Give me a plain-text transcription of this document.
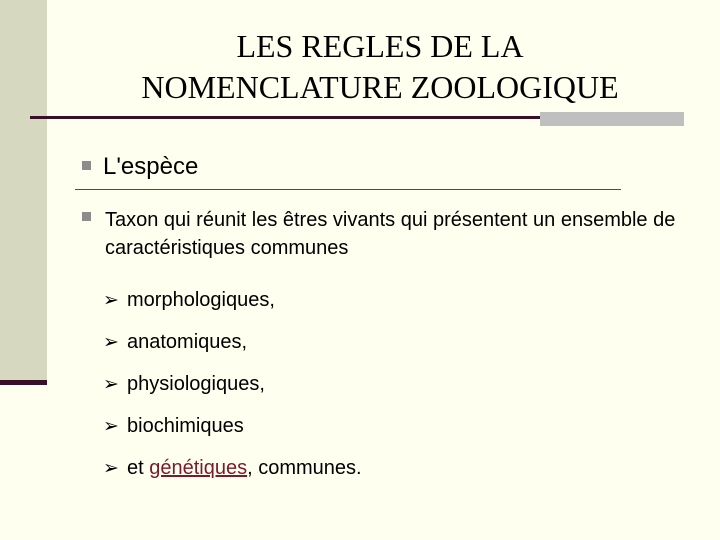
LES REGLES DE LA
NOMENCLATURE ZOOLOGIQUE
L'espèce
Taxon qui réunit les êtres vivants qui présentent un ensemble de caractéristiques communes
➢ morphologiques,
➢ anatomiques,
➢ physiologiques,
➢ biochimiques
➢ et génétiques, communes.
